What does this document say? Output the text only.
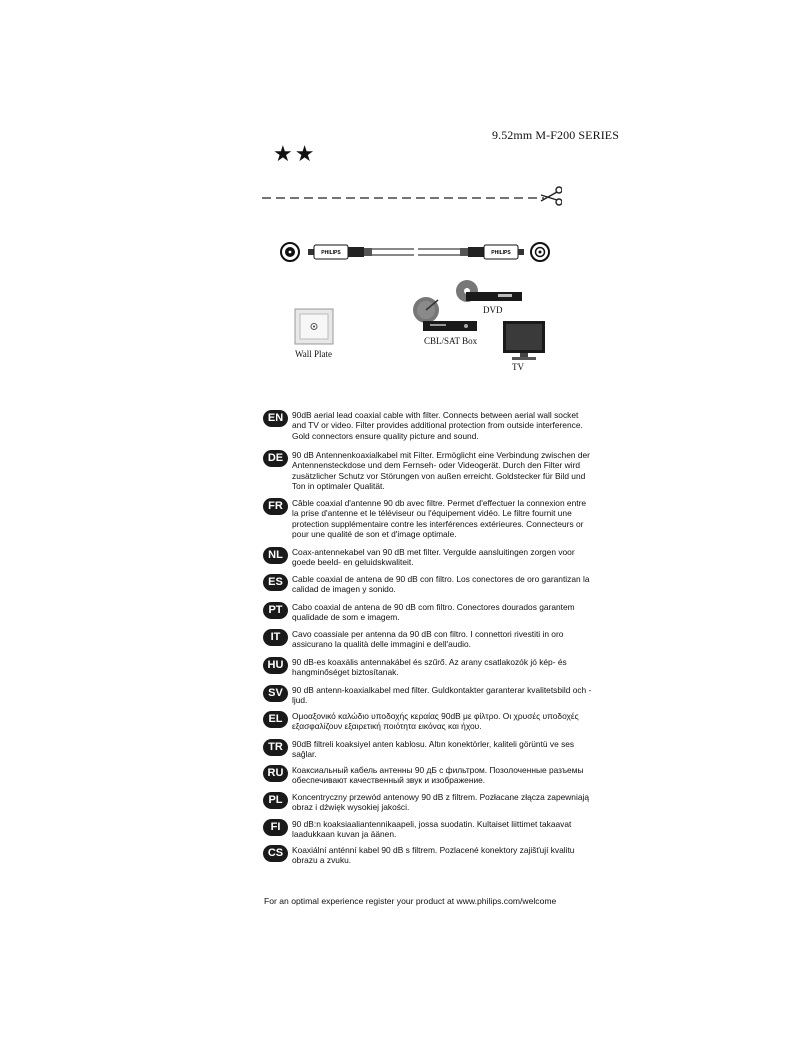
9.52mm M-F200 SERIES
★★
PHILIPS	PHILIPS
DVD
Wall Plate
CBL/SAT Box
TV
EN	90dB aerial lead coaxial cable with filter. Connects between aerial wall socket and TV or video. Filter provides additional protection from outside interference. Gold connectors ensure quality picture and sound.
DE	90 dB Antennenkoaxialkabel mit Filter. Ermöglicht eine Verbindung zwischen der Antennensteckdose und dem Fernseh- oder Videogerät. Durch den Filter wird zusätzlicher Schutz vor Störungen von außen erreicht. Goldstecker für Bild und Ton in optimaler Qualität.
FR	Câble coaxial d'antenne 90 db avec filtre. Permet d'effectuer la connexion entre la prise d'antenne et le téléviseur ou l'équipement vidéo. Le filtre fournit une protection supplémentaire contre les interférences extérieures. Connecteurs or pour une qualité de son et d'image optimale.
NL	Coax-antennekabel van 90 dB met filter. Vergulde aansluitingen zorgen voor goede beeld- en geluidskwaliteit.
ES	Cable coaxial de antena de 90 dB con filtro. Los conectores de oro garantizan la calidad de imagen y sonido.
PT	Cabo coaxial de antena de 90 dB com filtro. Conectores dourados garantem qualidade de som e imagem.
IT	Cavo coassiale per antenna da 90 dB con filtro. I connettori rivestiti in oro assicurano la qualità delle immagini e dell'audio.
HU	90 dB-es koaxális antennakábel és szűrő. Az arany csatlakozók jó kép- és hangminőséget biztosítanak.
SV	90 dB antenn-koaxialkabel med filter. Guldkontakter garanterar kvalitetsbild och -ljud.
EL	Ομοαξονικό καλώδιο υποδοχής κεραίας 90dB με φίλτρο. Οι χρυσές υποδοχές εξασφαλίζουν εξαιρετική ποιότητα εικόνας και ήχου.
TR	90dB filtreli koaksiyel anten kablosu. Altın konektörler, kaliteli görüntü ve ses sağlar.
RU	Коаксиальный кабель антенны 90 дБ с фильтром. Позолоченные разъемы обеспечивают качественный звук и изображение.
PL	Koncentryczny przewód antenowy 90 dB z filtrem. Pozłacane złącza zapewniają obraz i dźwięk wysokiej jakości.
FI	90 dB:n koaksiaaliantennikaapeli, jossa suodatin. Kultaiset liittimet takaavat laadukkaan kuvan ja äänen.
CS	Koaxiální anténní kabel 90 dB s filtrem. Pozlacené konektory zajišťují kvalitu obrazu a zvuku.
For an optimal experience register your product at www.philips.com/welcome
